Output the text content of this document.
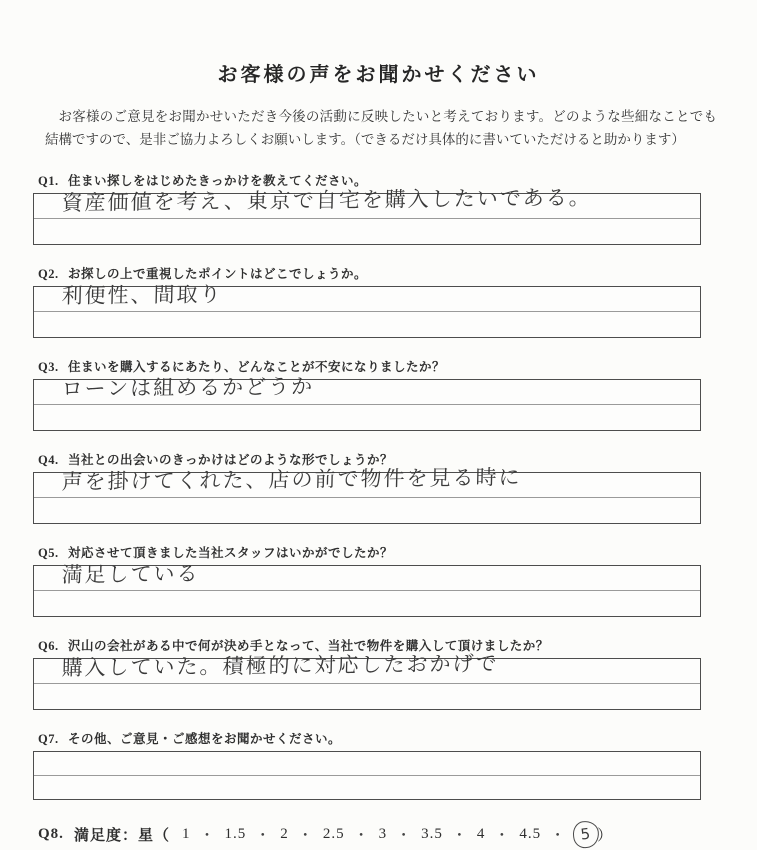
お客様の声をお聞かせください

お客様のご意見をお聞かせいただき今後の活動に反映したいと考えております。どのような些細なことでも結構ですので、是非ご協力よろしくお願いします。（できるだけ具体的に書いていただけると助かります）

Q1. 住まい探しをはじめたきっかけを教えてください。

資産価値を考え、東京で自宅を購入したいである。

Q2. お探しの上で重視したポイントはどこでしょうか。

利便性、間取り

Q3. 住まいを購入するにあたり、どんなことが不安になりましたか？

ローンは組めるかどうか

Q4. 当社との出会いのきっかけはどのような形でしょうか？

声を掛けてくれた、店の前で物件を見る時に

Q5. 対応させて頂きました当社スタッフはいかがでしたか？

満足している

Q6. 沢山の会社がある中で何が決め手となって、当社で物件を購入して頂けましたか？

購入していた。積極的に対応したおかげで

Q7. その他、ご意見・ご感想をお聞かせください。

Q8. 満足度：星（ 1 ・ 1.5 ・ 2 ・ 2.5 ・ 3 ・ 3.5 ・ 4 ・ 4.5 ・ 5 ）
